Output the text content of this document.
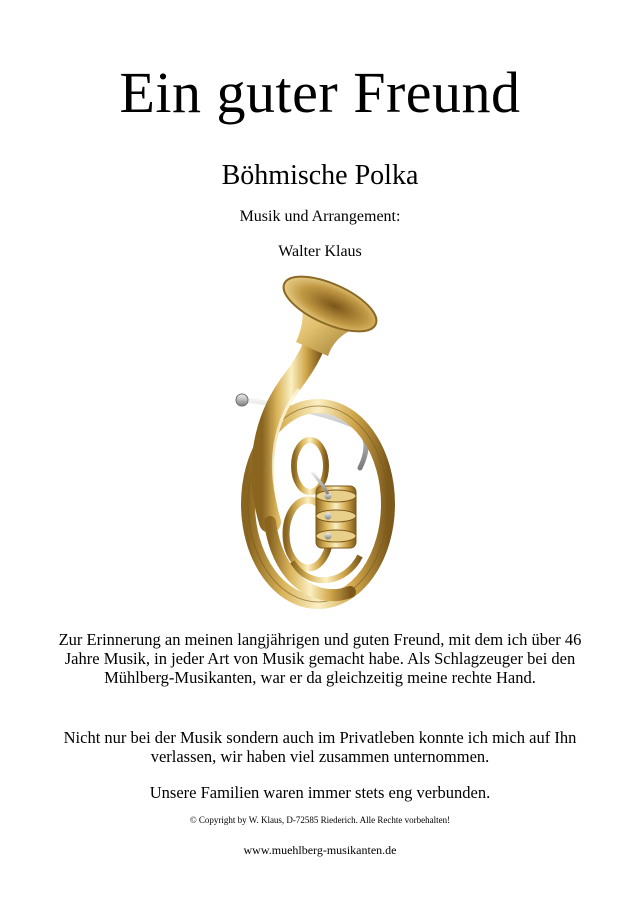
Ein guter Freund
Böhmische Polka
Musik und Arrangement:
Walter Klaus
Zur Erinnerung an meinen langjährigen und guten Freund, mit dem ich über 46 Jahre Musik, in jeder Art von Musik gemacht habe. Als Schlagzeuger bei den Mühlberg-Musikanten, war er da gleichzeitig meine rechte Hand.
Nicht nur bei der Musik sondern auch im Privatleben konnte ich mich auf Ihn verlassen, wir haben viel zusammen unternommen.
Unsere Familien waren immer stets eng verbunden.
© Copyright by W. Klaus, D-72585 Riederich. Alle Rechte vorbehalten!
www.muehlberg-musikanten.de
